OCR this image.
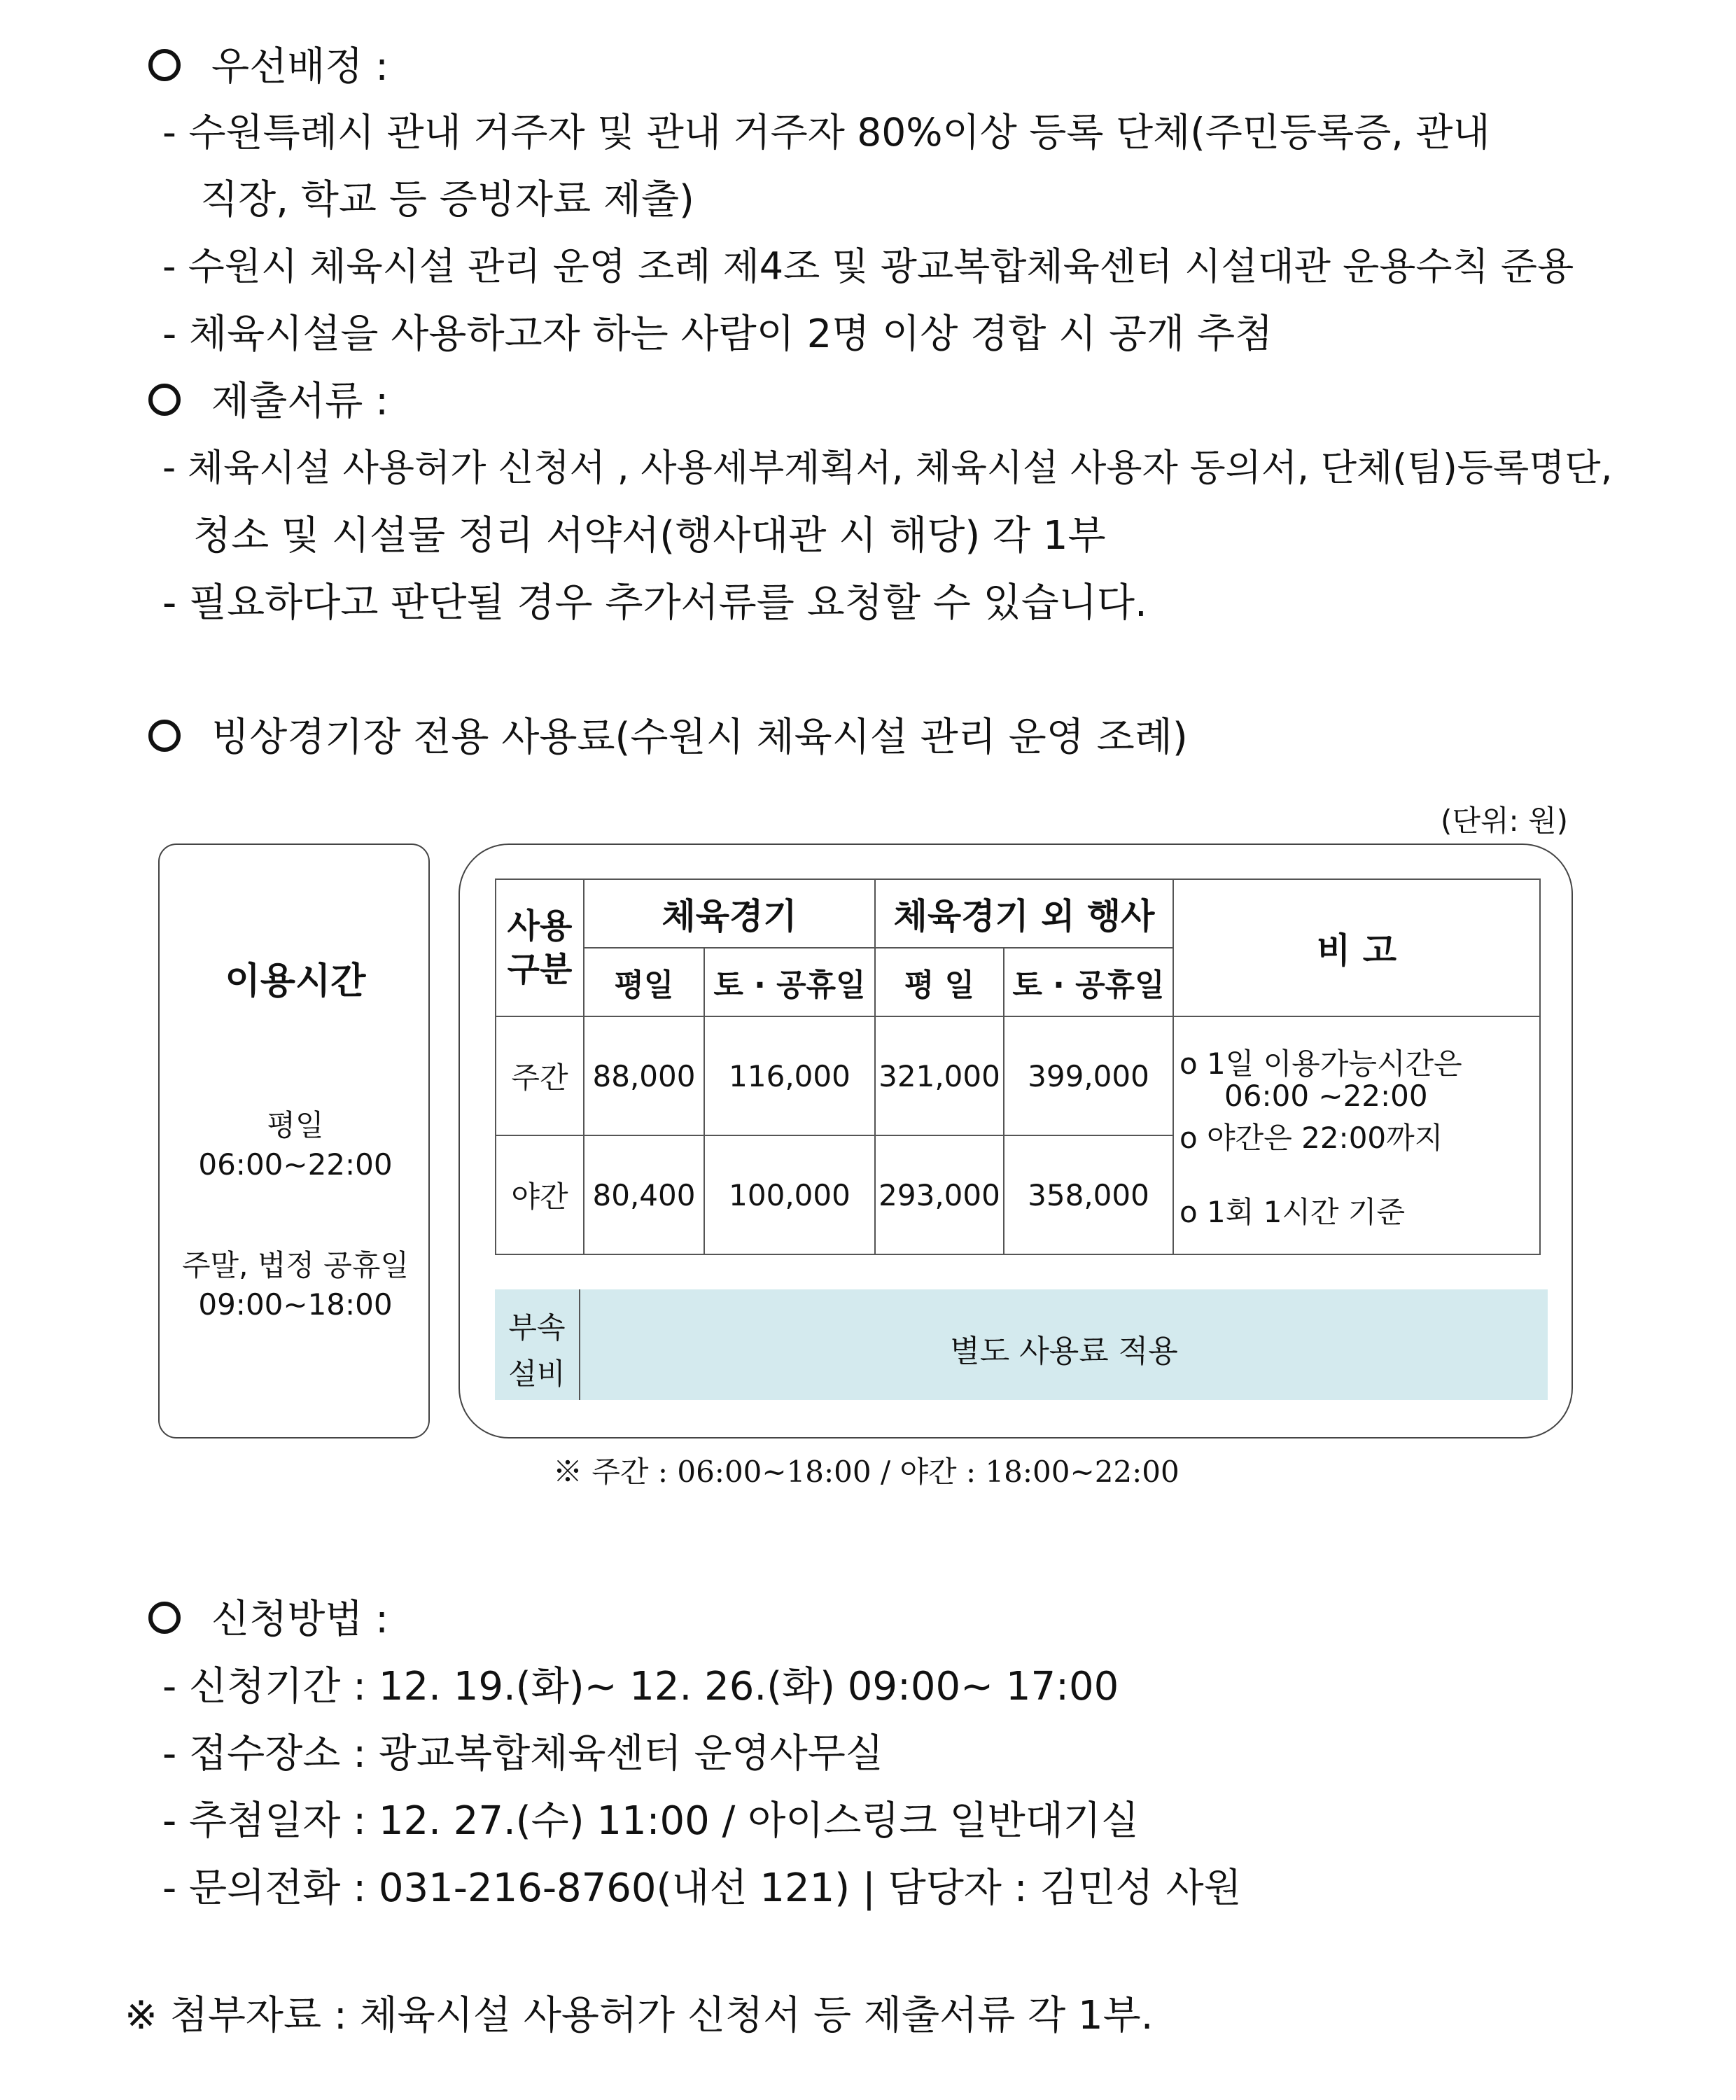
우선배정 :
- 수원특례시 관내 거주자 및 관내 거주자 80%이상 등록 단체(주민등록증, 관내
직장, 학교 등 증빙자료 제출)
- 수원시 체육시설 관리 운영 조례 제4조 및 광교복합체육센터 시설대관 운용수칙 준용
- 체육시설을 사용하고자 하는 사람이 2명 이상 경합 시 공개 추첨
제출서류 :
- 체육시설 사용허가 신청서 , 사용세부계획서, 체육시설 사용자 동의서, 단체(팀)등록명단,
청소 및 시설물 정리 서약서(행사대관 시 해당) 각 1부
- 필요하다고 판단될 경우 추가서류를 요청할 수 있습니다.
빙상경기장 전용 사용료(수원시 체육시설 관리 운영 조례)
(단위: 원)
이용시간
평일
06:00~22:00
주말, 법정 공휴일
09:00~18:00
사용
구분	체육경기		체육경기 외 행사		비 고
	평일	토 · 공휴일	평 일	토 · 공휴일	
주간	88,000	116,000	321,000	399,000	o 1일 이용가능시간은
06:00 ~22:00
o 야간은 22:00까지
o 1회 1시간 기준

야간	80,400	100,000	293,000	358,000	
부속
설비
별도 사용료 적용
※ 주간 : 06:00~18:00 / 야간 : 18:00~22:00
신청방법 :
- 신청기간 : 12. 19.(화)~ 12. 26.(화) 09:00~ 17:00
- 접수장소 : 광교복합체육센터 운영사무실
- 추첨일자 : 12. 27.(수) 11:00 / 아이스링크 일반대기실
- 문의전화 : 031-216-8760(내선 121) | 담당자 : 김민성 사원
※ 첨부자료 : 체육시설 사용허가 신청서 등 제출서류 각 1부.
